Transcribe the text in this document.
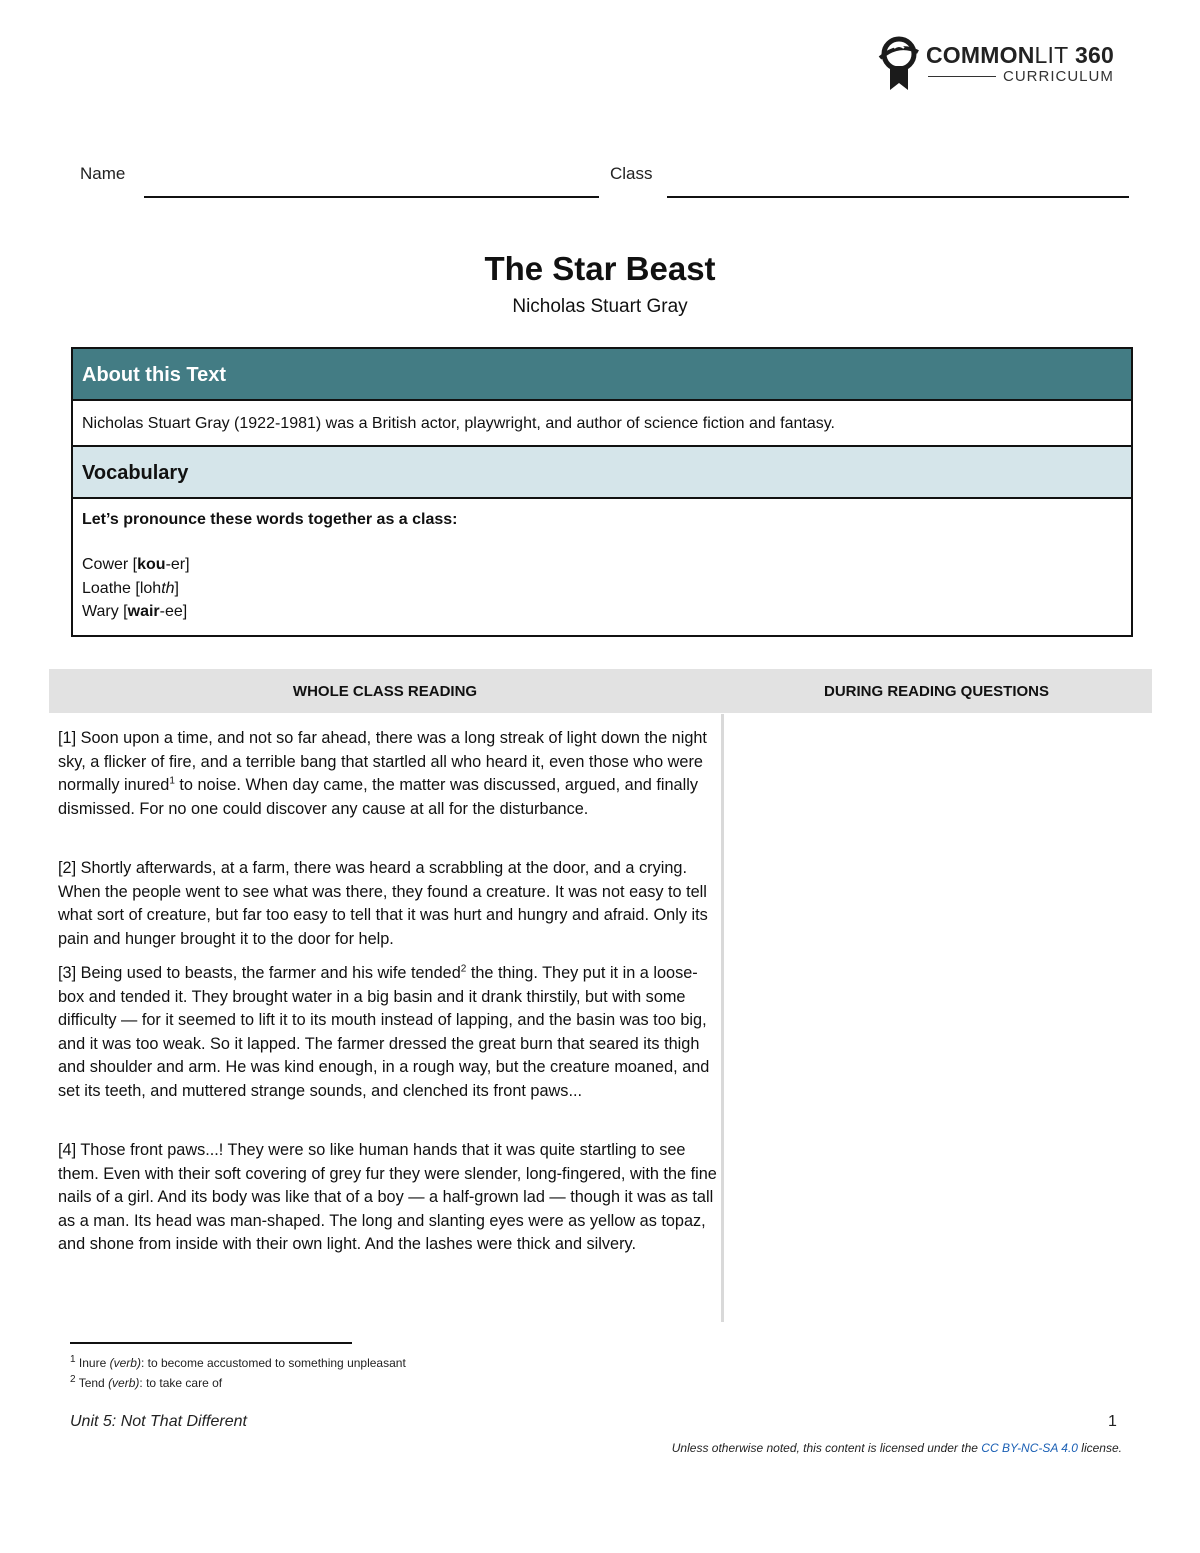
COMMONLIT 360
CURRICULUM
Name	Class
The Star Beast
Nicholas Stuart Gray
About this Text
Nicholas Stuart Gray (1922-1981) was a British actor, playwright, and author of science fiction and fantasy.
Vocabulary
Let’s pronounce these words together as a class:
Cower [kou-er]
Loathe [lohth]
Wary [wair-ee]
WHOLE CLASS READING	DURING READING QUESTIONS
[1] Soon upon a time, and not so far ahead, there was a long streak of light down the night sky, a flicker of fire, and a terrible bang that startled all who heard it, even those who were normally inured$^1$ to noise. When day came, the matter was discussed, argued, and finally dismissed. For no one could discover any cause at all for the disturbance.
[2] Shortly afterwards, at a farm, there was heard a scrabbling at the door, and a crying. When the people went to see what was there, they found a creature. It was not easy to tell what sort of creature, but far too easy to tell that it was hurt and hungry and afraid. Only its pain and hunger brought it to the door for help.
[3] Being used to beasts, the farmer and his wife tended$^2$ the thing. They put it in a loose-box and tended it. They brought water in a big basin and it drank thirstily, but with some difficulty — for it seemed to lift it to its mouth instead of lapping, and the basin was too big, and it was too weak. So it lapped. The farmer dressed the great burn that seared its thigh and shoulder and arm. He was kind enough, in a rough way, but the creature moaned, and set its teeth, and muttered strange sounds, and clenched its front paws...
[4] Those front paws...! They were so like human hands that it was quite startling to see them. Even with their soft covering of grey fur they were slender, long-fingered, with the fine nails of a girl. And its body was like that of a boy — a half-grown lad — though it was as tall as a man. Its head was man-shaped. The long and slanting eyes were as yellow as topaz, and shone from inside with their own light. And the lashes were thick and silvery.
$^1$ Inure (verb): to become accustomed to something unpleasant
$^2$ Tend (verb): to take care of
Unit 5: Not That Different	1
Unless otherwise noted, this content is licensed under the CC BY-NC-SA 4.0 license.
